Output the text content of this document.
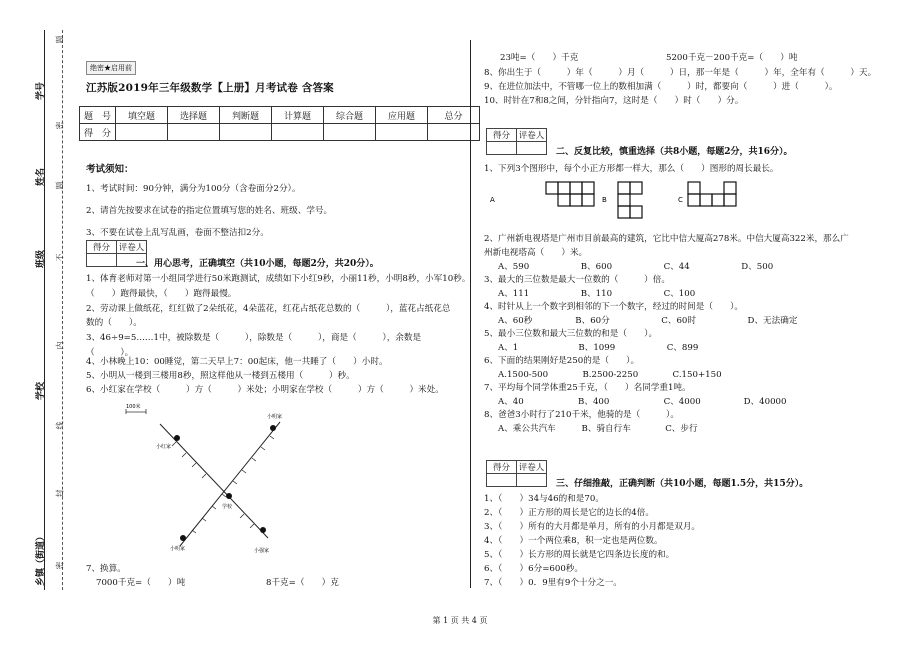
学号
姓名
班级
学校
乡镇（街道）
题
密
题
不
内
线
封
密
绝密★启用前
江苏版2019年三年级数学【上册】月考试卷 含答案
题　号	填空题	选择题	判断题	计算题	综合题	应用题	总分
得　分							
考试须知：
1、考试时间：90分钟，满分为100分（含卷面分2分）。
2、请首先按要求在试卷的指定位置填写您的姓名、班级、学号。
3、不要在试卷上乱写乱画，卷面不整洁扣2分。
得分	评卷人

一、用心思考，正确填空（共10小题，每题2分，共20分）。
1、体育老师对第一小组同学进行50米跑测试，成绩如下小红9秒，小丽11秒，小明8秒，小军10秒。
（　　）跑得最快，（　　）跑得最慢。
2、劳动课上做纸花，红红做了2朵纸花，4朵蓝花，红花占纸花总数的（　　　），蓝花占纸花总
数的（　　）。
3、46÷9=5……1中，被除数是（　　　），除数是（　　　），商是（　　　），余数是
（　　　）。
4、小林晚上10：00睡觉，第二天早上7：00起床，他一共睡了（　　）小时。
5、小明从一楼到三楼用8秒，照这样他从一楼到五楼用（　　　）秒。
6、小红家在学校（　　　）方（　　　）米处；小明家在学校（　　　）方（　　　）米处。
100米
小明家
小红家
学校
小明家	小强家
7、换算。
7000千克=（　　）吨	8千克=（　　）克
23吨=（　　）千克	5200千克－200千克=（　　）吨
8、你出生于（　　　）年（　　　）月（　　　）日，那一年是（　　　）年，全年有（　　　）天。
9、在进位加法中，不管哪一位上的数相加满（　　　）时，都要向（　　　）进（　　　）。
10、时针在7和8之间，分针指向7，这时是（　　）时（　　）分。
得分	评卷人

二、反复比较，慎重选择（共8小题，每题2分，共16分）。
1、下列3个图形中，每个小正方形都一样大，那么（　　）图形的周长最长。
A	B	C
2、广州新电视塔是广州市目前最高的建筑，它比中信大厦高278米。中信大厦高322米，那么广
州新电视塔高（　　）米。
A、590　　　　　　B、600　　　　　　C、44　　　　　　D、500
3、最大的三位数是最大一位数的（　　　）倍。
A、111　　　　　　B、110　　　　　　C、100
4、时针从上一个数字到相邻的下一个数字，经过的时间是（　　）。
A、60秒　　　　　B、60分　　　　　　C、60时　　　　　　D、无法确定
5、最小三位数和最大三位数的和是（　　）。
A、1　　　　　　　B、1099　　　　　　C、899
6、下面的结果刚好是250的是（　　）。
A.1500-500　　　　B.2500-2250　　　　C.150+150
7、平均每个同学体重25千克，（　　）名同学重1吨。
A、40　　　　　　 B、400　　　　　　 C、4000　　　　　D、40000
8、爸爸3小时行了210千米，他骑的是（　　　）。
A、乘公共汽车　　　B、骑自行车　　　　C、步行
得分	评卷人

三、仔细推敲，正确判断（共10小题，每题1.5分，共15分）。
1、（　　）34与46的和是70。
2、（　　）正方形的周长是它的边长的4倍。
3、（　　）所有的大月都是单月，所有的小月都是双月。
4、（　　）一个两位乘8，积一定也是两位数。
5、（　　）长方形的周长就是它四条边长度的和。
6、（　　）6分=600秒。
7、（　　）0．9里有9个十分之一。
第 1 页 共 4 页
